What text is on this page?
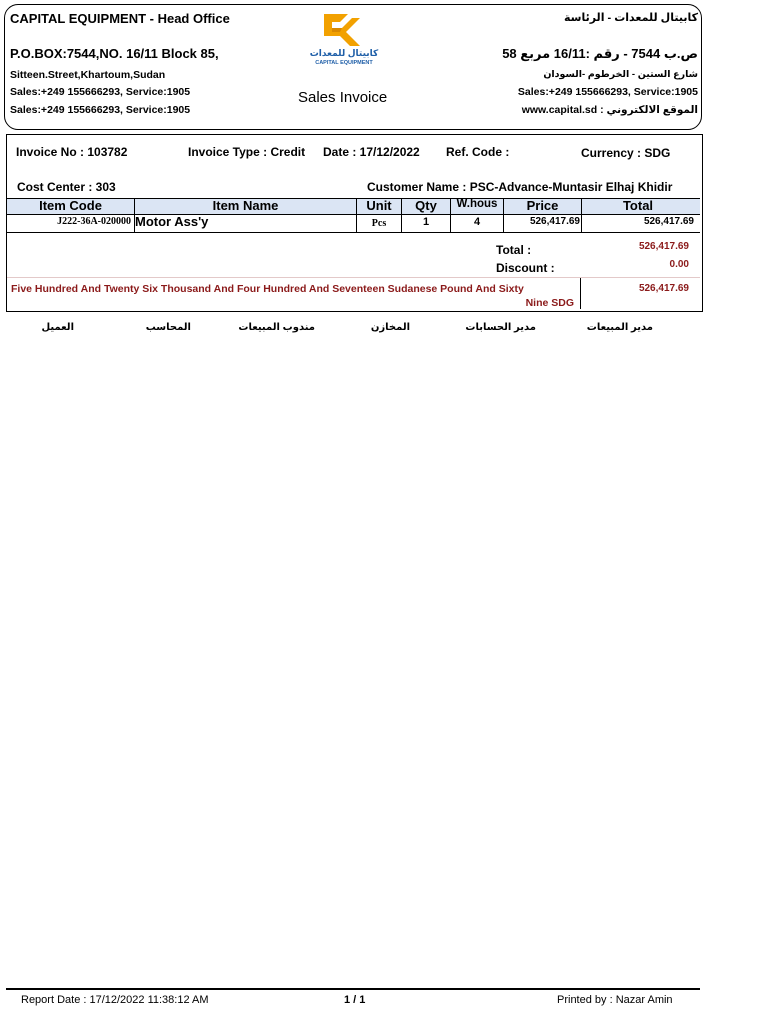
CAPITAL EQUIPMENT - Head Office
P.O.BOX:7544,NO. 16/11 Block 85,
Sitteen.Street,Khartoum,Sudan
Sales:+249 155666293, Service:1905
Sales:+249 155666293, Service:1905
كابيتال للمعدات
CAPITAL EQUIPMENT
Sales Invoice
كابيتال للمعدات - الرئاسة
ص.ب 7544 - رقم :16/11 مربع 58
شارع الستين - الخرطوم -السودان
Sales:+249 155666293, Service:1905
الموقع الالكتروني : www.capital.sd
Invoice No : 103782	Invoice Type : Credit Date : 17/12/2022 Ref. Code :	Currency : SDG
Cost Center : 303	Customer Name : PSC-Advance-Muntasir Elhaj Khidir
Item Code	Item Name	Unit	Qty	W.hous	Price	Total
J222-36A-020000 Motor Ass'y	Pcs	1	4	526,417.69	526,417.69
Total :	526,417.69
Discount :	0.00
Five Hundred And Twenty Six Thousand And Four Hundred And Seventeen Sudanese Pound And Sixty
Nine SDG
526,417.69
مدير المبيعات
مدير الحسابات
المخازن
مندوب المبيعات
المحاسب
العميل
Report Date : 17/12/2022 11:38:12 AM	1 / 1	Printed by : Nazar Amin
